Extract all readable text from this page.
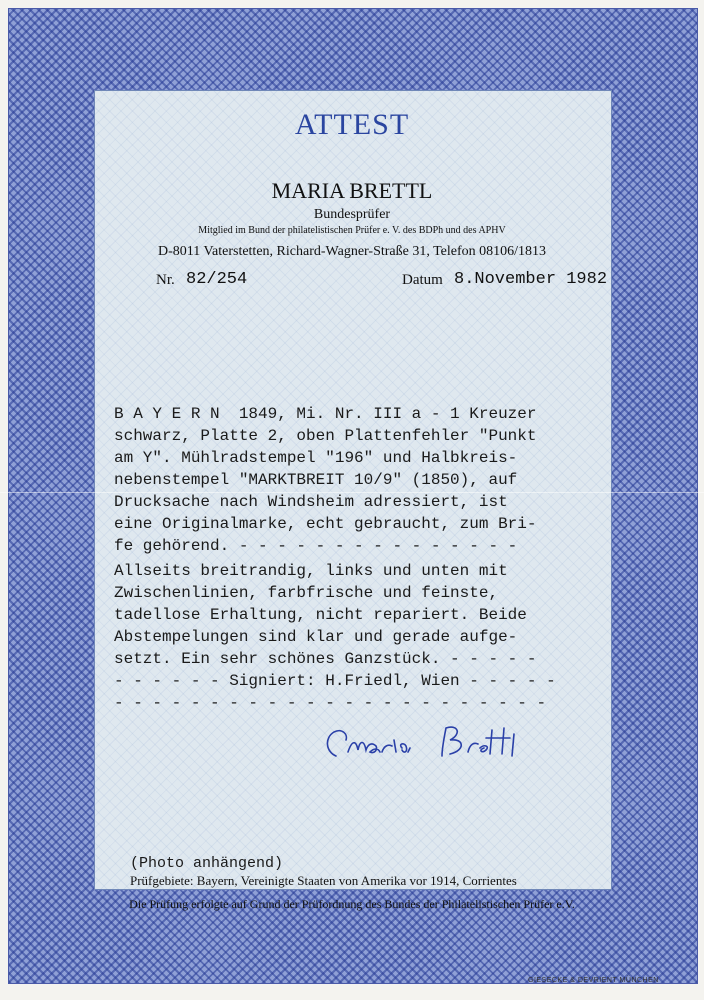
ATTEST
MARIA BRETTL
Bundesprüfer
Mitglied im Bund der philatelistischen Prüfer e. V. des BDPh und des APHV
D-8011 Vaterstetten, Richard-Wagner-Straße 31, Telefon 08106/1813
Nr. 82/254	Datum 8.November 1982
B A Y E R N  1849, Mi. Nr. III a - 1 Kreuzer
schwarz, Platte 2, oben Plattenfehler "Punkt
am Y". Mühlradstempel "196" und Halbkreis-
nebenstempel "MARKTBREIT 10/9" (1850), auf
Drucksache nach Windsheim adressiert, ist
eine Originalmarke, echt gebraucht, zum Bri-
fe gehörend. - - - - - - - - - - - - - - -
Allseits breitrandig, links und unten mit
Zwischenlinien, farbfrische und feinste,
tadellose Erhaltung, nicht repariert. Beide
Abstempelungen sind klar und gerade aufge-
setzt. Ein sehr schönes Ganzstück. - - - - -
- - - - - - Signiert: H.Friedl, Wien - - - - -
- - - - - - - - - - - - - - - - - - - - - - -
(Photo anhängend)
Prüfgebiete: Bayern, Vereinigte Staaten von Amerika vor 1914, Corrientes
Die Prüfung erfolgte auf Grund der Prüfordnung des Bundes der Philatelistischen Prüfer e.V.
GIESECKE & DEVRIENT MÜNCHEN
